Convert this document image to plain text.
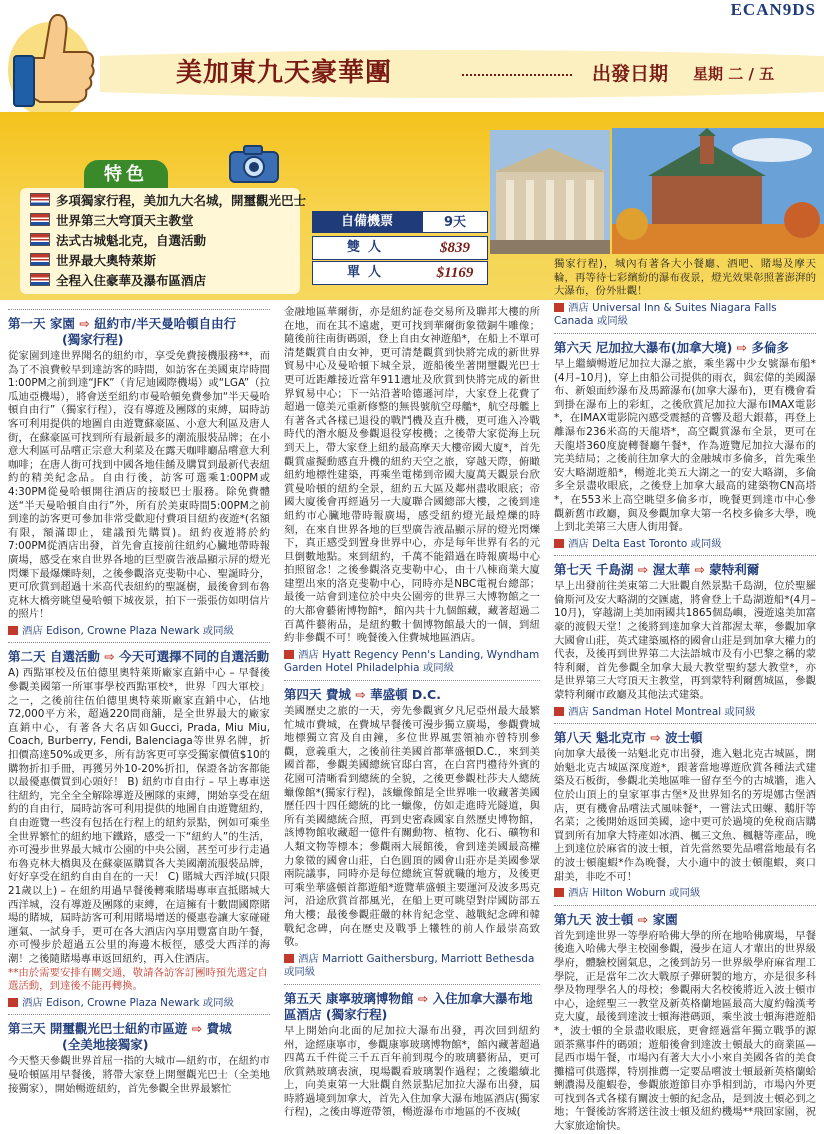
ECAN9DS
美加東九天豪華團	出發日期 星期 二 / 五
特色
多項獨家行程，美加九大名城，開璽觀光巴士
世界第三大穹頂天主教堂
法式古城魁北克，自選活動
世界最大奧特萊斯
全程入住豪華及瀑布區酒店
自備機票	9天
雙人	$839
單人	$1169
第一天 家園 ⇨ 紐約市/半天曼哈頓自由行
(獨家行程)
從家園到達世界聞名的紐約市，享受免費接機服務**，而為了不浪費較早到達訪客的時間，如訪客在美國東岸時間1:00PM之前到達“JFK”（肯尼迪國際機場）或“LGA”（拉瓜迪亞機場），將會送至紐約市曼哈頓免費參加“半天曼哈頓自由行”（獨家行程），沒有導遊及團隊的束縛，屆時訪客可利用提供的地圖自由遊覽蘇豪區、小意大利區及唐人街，在蘇豪區可找到所有最新最多的潮流服裝品牌；在小意大利區可品嚐正宗意大利菜及在露天咖啡廳品嚐意大利咖啡；在唐人街可找到中國各地佳餚及購買到最新代表紐約的精美紀念品。自由行後，訪客可選乘1:00PM或4:30PM從曼哈頓開往酒店的接駁巴士服務。除免費體送“半天曼哈頓自由行”外，所有於美東時間5:00PM之前到達的訪客更可參加非常受歡迎付費項目紐約夜遊*(名額有限，額滿即止，建議預先購買)。紐約夜遊將於約7:00PM從酒店出發，首先會直接前往紐約心臟地帶時報廣場，感受在來自世界各地的巨型廣告液晶顯示屏的燈光閃爍下最爆爍時刻，之後參觀洛克斐勒中心、聖誕時分，更可欣賞到超過十米高代表紐約的聖誕樹，最後會到布魯克林大橋旁眺望曼哈頓下城夜景，拍下一張張仿如明信片的照片！
酒店 Edison, Crowne Plaza Newark 或同級
第二天 自選活動 ⇨ 今天可選擇不同的自選活動
A) 西點軍校及伍伯德里奧特萊斯廠家直銷中心 – 早餐後參觀美國第一所軍事學校西點軍校*，世界「四大軍校」之一，之後前往伍伯德里奧特萊斯廠家直銷中心，佔地72,000平方米，超過220間商舖，是全世界最大的廠家直銷中心，有著各大名店如Gucci, Prada, Miu Miu, Coach, Burberry, Fendi, Balenciaga等世界名牌，折扣價高達50%或更多，所有訪客更可享受獨家價值$10的購物折扣手冊，再獲另外10-20%折扣，保證各訪客都能以最優惠價買到心頭好！ B) 紐約市自由行 – 早上專車送往紐約，完全全全解除導遊及團隊的束縛，開始享受在紐約的自由行，屆時訪客可利用提供的地圖自由遊覽紐約，自由遊覽一些沒有包括在行程上的紐約景點，例如可乘坐全世界繁忙的紐約地下鐵路，感受一下“紐約人”的生活，亦可漫步世界最大城市公園的中央公園，甚至可步行走過布魯克林大橋與及在蘇豪區購買各大美國潮流服裝品牌，好好享受在紐約自由自在的一天！ C) 賭城大西洋城(只限21歲以上) – 在紐約用過早餐後轉乘賭場專車直抵賭城大西洋城，沒有導遊及團隊的束縛，在這擁有十數間國際賭場的賭城，屆時訪客可利用賭場增送的優惠卷讓大家碰碰運氣、一試身手，更可在各大酒店內享用豐富自助午餐，亦可慢步於超過五公里的海邊木板徑，感受大西洋的海潮！之後隨賭場專車返回紐約，再入住酒店。
**由於需要安排有關交通，敬請各訪客訂團時預先選定自選活動，到達後不能再轉換。
酒店 Edison, Crowne Plaza Newark 或同級
第三天 開璽觀光巴士紐約市區遊 ⇨ 費城
(全美地接獨家)
今天整天參觀世界首屈一指的大城市—紐約市，在紐約市曼哈頓區用早餐後，將帶大家登上開璽觀光巴士（全美地接獨家），開始暢遊紐約，首先參觀全世界最繁忙
金融地區華爾街，亦是紐約証卷交易所及聯邦大樓的所在地，而在其不遠處，更可找到華爾街象徵銅牛雕像；隨後前往南街碼頭，登上自由女神遊船*，在船上不單可清楚觀賞自由女神，更可清楚觀賞到快將完成的新世界貿易中心及曼哈頓下城全景，遊船後坐著開璽觀光巴士更可近距離接近當年911遺址及欣賞到快將完成的新世界貿易中心；下一站沿著哈德遜河岸，大家登上花費了超過一億美元重新修整的無畏號航空母艦*，航空母艦上有著各式各樣已退役的戰鬥機及直升機，更可進入冷戰時代的潛水艇及參觀退役穿梭機；之後帶大家從海上玩到天上，帶大家登上紐約最高摩天大樓帝國大廈*，首先觀賞虛擬動感直升機的紐約天空之旅，穿越天際，俯瞰紐約地標性建築，再乘坐電梯到帝國大廈萬天觀景台欣賞曼哈頓的紐約全景，紐約五大區及鄰州盡收眼底；帝國大廈後會再經過另一大廈聯合國總部大樓，之後到達紐約市心臟地帶時報廣場，感受紐約燈光最煌爍的時刻，在來自世界各地的巨型廣告液晶顯示屏的燈光閃爍下，真正感受到置身世界中心，亦是每年世界有名的元旦倒數地點。來到紐約，千萬不能錯過在時報廣場中心拍照留念！之後參觀洛克斐勒中心，由十八棟商業大廈建塑出來的洛克斐勒中心，同時亦是NBC電視台總部；最後一站會到達位於中央公園旁的世界三大博物館之一的大都會藝術博物館*，館內共十九個館藏，藏著超過二百萬件藝術品，是紐約數十個博物館最大的一個，到紐約非參觀不可！晚餐後入住費城地區酒店。
酒店 Hyatt Regency Penn's Landing, Wyndham Garden Hotel Philadelphia 或同級
第四天 費城 ⇨ 華盛頓 D.C.
美國歷史之旅的一天，旁先參觀賓夕凡尼亞州最大最繁忙城市費城，在費城早餐後可漫步獨立廣場，參觀費城地標獨立宮及自由鐘，多位世界風雲領袖亦曾特別參觀，意義重大，之後前往美國首都華盛頓D.C.，來到美國首都，參觀美國總統官邸白宮，在白宮門禮待外賓的花園可清晰看到總統的全貌，之後更參觀杜莎夫人總統蠟像館*(獨家行程)，該蠟像館是全世界唯一收藏著美國歷任四十四任總統的比一蠟像，仿如走進時光隧道，與所有美國總統合照，再到史密森國家自然歷史博物館，該博物館收藏超一億件有關動物、植物、化石、礦物和人類文物等標本；參觀兩大展館後，會到達美國最高權力象徵的國會山莊，白色圓頂的國會山莊亦是美國參眾兩院議事，同時亦是每位總統宣誓就職的地方，及後更可乘坐華盛頓首都遊船*遊覽華盛頓主要運河及波多馬克河，沿途欣賞首都風光，在船上更可眺望對岸國防部五角大樓；最後參觀莊嚴的林肯紀念堂、越戰紀念碑和韓戰紀念碑，向在歷史及戰爭上犧牲的前人作最崇高致敬。
酒店 Marriott Gaithersburg, Marriott Bethesda 或同級
第五天 康寧玻璃博物館 ⇨ 入住加拿大瀑布地區酒店 (獨家行程)
早上開始向北面的尼加拉大瀑布出發，再次回到紐約州，途經康寧市，參觀康寧玻璃博物館*，館內藏著超過四萬五千件從三千五百年前到現今的玻璃藝術品，更可欣賞熱玻璃表演，現場觀看玻璃製作過程；之後繼續北上，向美東第一大壯觀自然景點尼加拉大瀑布出發，屆時將過境到加拿大，首先入住加拿大瀑布地區酒店(獨家行程)，之後由導遊帶領，暢遊瀑布市地區的不夜城(
獨家行程)，城內有著各大小餐廳、酒吧、賭場及摩天輪，再等待七彩繽紛的瀑布夜景，燈光效果彰照著澎湃的大瀑布，份外壯觀！
酒店 Universal Inn & Suites Niagara Falls Canada 或同級
第六天 尼加拉大瀑布(加拿大境) ⇨ 多倫多
早上繼續暢遊尼加拉大瀑之旅，乘坐霧中少女號瀑布船*(4月–10月)，穿上由船公司提供的雨衣，與宏偉的美國瀑布、新娘面紗瀑布及馬蹄瀑布(加拿大瀑布)，更有機會看到掛在瀑布上的彩虹，之後欣賞尼加拉大瀑布IMAX電影*，在IMAX電影院內感受震撼的音響及超大銀幕，再登上離瀑布236米高的天龍塔*，高空觀賞瀑布全景，更可在天龍塔360度旋轉餐廳午餐*，作為遊覽尼加拉大瀑布的完美結局；之後前往加拿大的金融城市多倫多，首先乘坐安大略湖遊船*，暢遊北美五大湖之一的安大略湖，多倫多全景盡收眼底，之後登上加拿大最高的建築物CN高塔*，在553米上高空眺望多倫多市，晚餐更到達市中心參觀新舊市政廳，與及參觀加拿大第一名校多倫多大學，晚上到北美第三大唐人街用餐。
酒店 Delta East Toronto 或同級
第七天 千島湖 ⇨ 渥太華 ⇨ 蒙特利爾
早上出發前往美東第二大壯觀自然景點千島湖，位於聖羅倫斯河及安大略湖的交匯處，將會登上千島湖遊船*(4月–10月)，穿越湖上美加兩國共1865個島嶼，漫遊遠美加富豪的渡假天堂！之後將到達加拿大首都渥太華，參觀加拿大國會山莊，英式建築風格的國會山莊是到加拿大權力的代表，及後再到世界第二大法語城市及有小巴黎之稱的蒙特利爾，首先參觀全加拿大最大教堂聖約瑟大教堂*，亦是世界第三大穹頂天主教堂，再到蒙特利爾舊城區，參觀蒙特利爾市政廳及其他法式建築。
酒店 Sandman Hotel Montreal 或同級
第八天 魁北克市 ⇨ 波士頓
向加拿大最後一站魁北克市出發，進入魁北克古城區，開始魁北克古城區深度遊*，跟著當地導遊欣賞各種法式建築及石板街，參觀北美地區唯一留存至今的古城牆，進入位於山頂上的皇家軍事古堡*及世界知名的芳堤娜古堡酒店，更有機會品嚐法式風味餐*，一嘗法式田螺、鵝肝等名菜；之後開始返回美國，途中更可於過境的免稅商店購買到所有加拿大特產如冰酒、楓三文魚、楓糖等產品，晚上到達位於麻省的波士頓，首先當然要先品嚐當地最有名的波士頓龍蝦*作為晚餐，大小適中的波士頓龍蝦，爽口甜美，非吃不可！
酒店 Hilton Woburn 或同級
第九天 波士頓 ⇨ 家園
首先到達世界一等學府哈佛大學的所在地哈佛廣場，早餐後進入哈佛大學主校園參觀，漫步在這人才輩出的世界級學府，體驗校園氣息，之後到訪另一世界級學府麻省理工學院，正是當年二次大戰原子彈研製的地方，亦是很多科學及物理學名人的母校；參觀兩大名校後將近入波士頓市中心，途經聖三一教堂及新英格蘭地區最高大廈約翰漢考克大廈，最後到達波士頓海港碼頭，乘坐波士頓海港遊船*，波士頓的全景盡收眼底，更會經過當年獨立戰爭的源頭茶黨事件的碼頭；遊船後會到達波士頓最大的商業區—昆西市場午餐，市場內有著大大小小來自美國各省的美食攤檔可供選擇，特別推薦一定要品嚐波士頓最新英格蘭蛤蜊濃湯及龍蝦卷，參觀旅遊節目亦爭相到訪，市場內外更可找到各式各樣有關波士頓的紀念品，是到波士頓必到之地；午餐後訪客將送往波士頓及紐約機場**飛回家園，祝大家旅途愉快。
